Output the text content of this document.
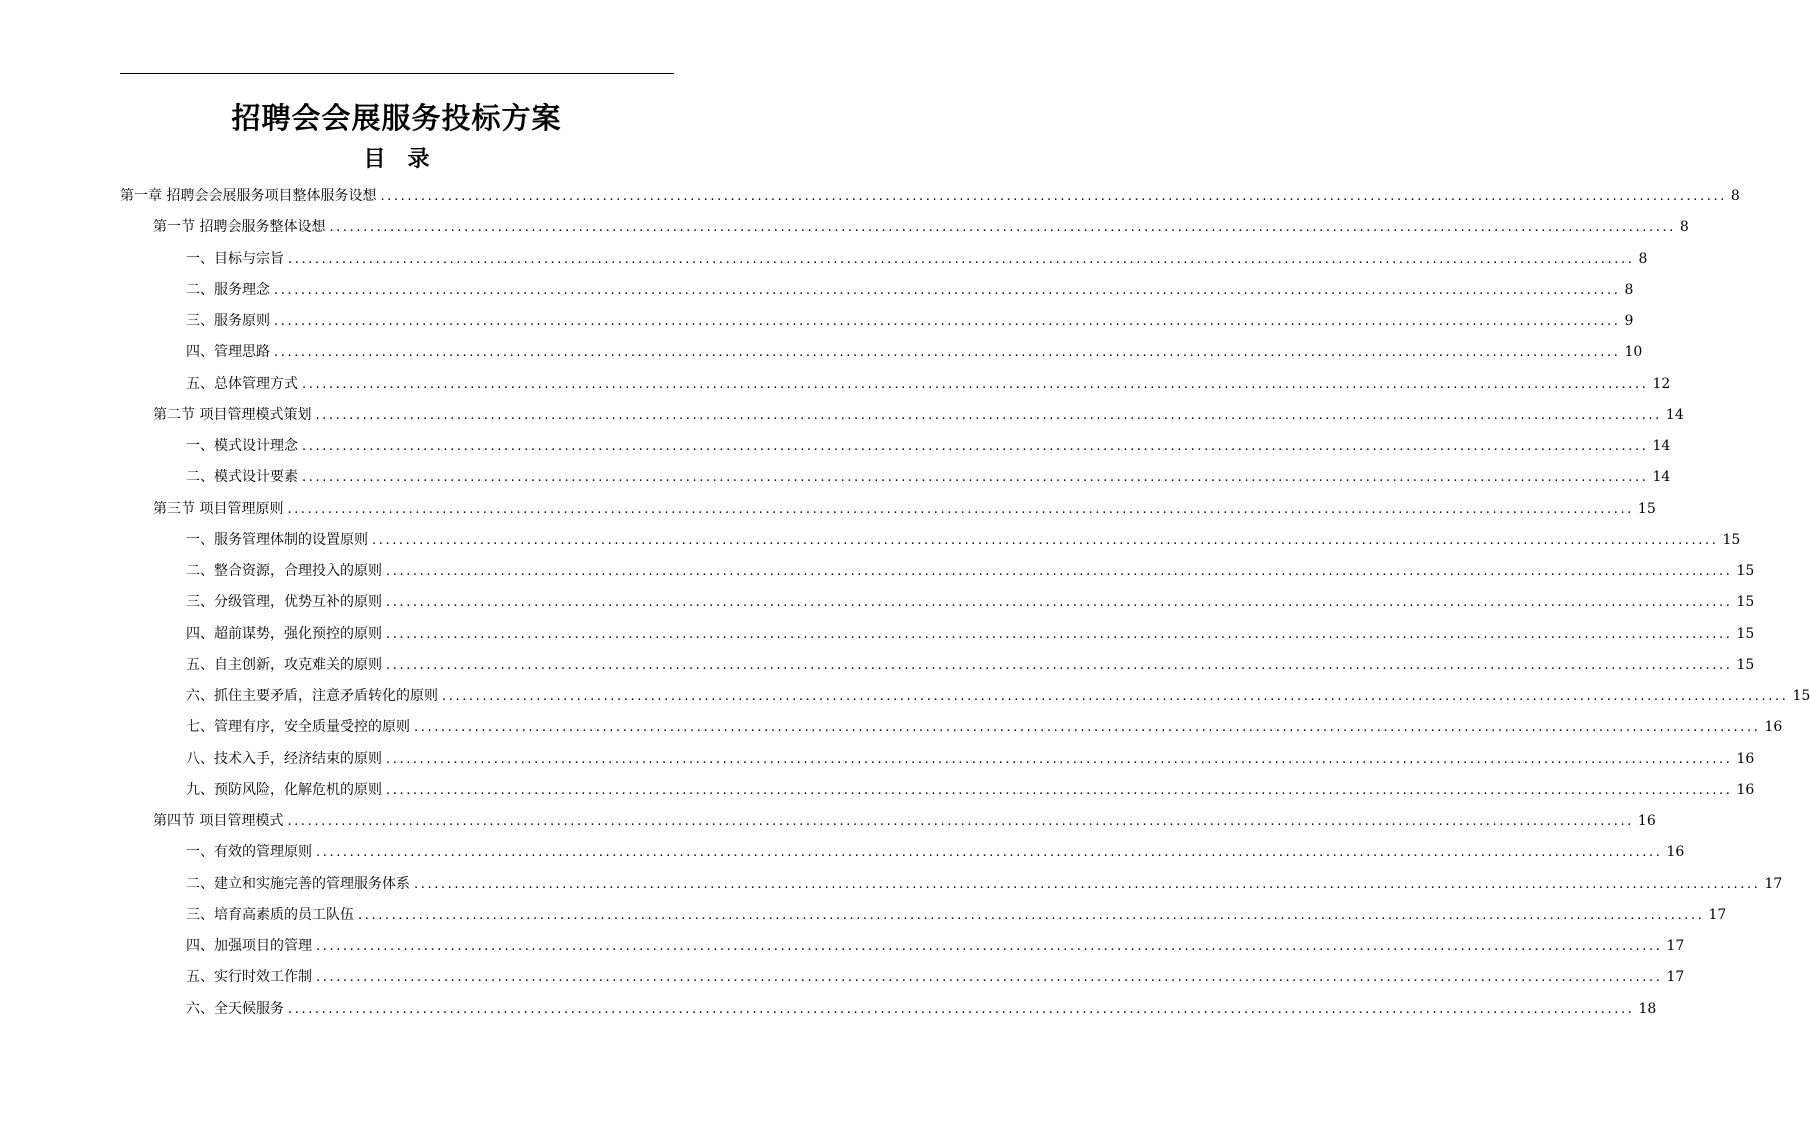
招聘会会展服务投标方案
目录
第一章 招聘会会展服务项目整体服务设想 ........................................................................................................................................................................................................ 8
第一节 招聘会服务整体设想 ........................................................................................................................................................................................................ 8
一、目标与宗旨 ........................................................................................................................................................................................................ 8
二、服务理念 ........................................................................................................................................................................................................ 8
三、服务原则 ........................................................................................................................................................................................................ 9
四、管理思路 ........................................................................................................................................................................................................ 10
五、总体管理方式 ........................................................................................................................................................................................................ 12
第二节 项目管理模式策划 ........................................................................................................................................................................................................ 14
一、模式设计理念 ........................................................................................................................................................................................................ 14
二、模式设计要素 ........................................................................................................................................................................................................ 14
第三节 项目管理原则 ........................................................................................................................................................................................................ 15
一、服务管理体制的设置原则 ........................................................................................................................................................................................................ 15
二、整合资源，合理投入的原则 ........................................................................................................................................................................................................ 15
三、分级管理，优势互补的原则 ........................................................................................................................................................................................................ 15
四、超前谋势，强化预控的原则 ........................................................................................................................................................................................................ 15
五、自主创新，攻克难关的原则 ........................................................................................................................................................................................................ 15
六、抓住主要矛盾，注意矛盾转化的原则 ........................................................................................................................................................................................................ 15
七、管理有序，安全质量受控的原则 ........................................................................................................................................................................................................ 16
八、技术入手，经济结束的原则 ........................................................................................................................................................................................................ 16
九、预防风险，化解危机的原则 ........................................................................................................................................................................................................ 16
第四节 项目管理模式 ........................................................................................................................................................................................................ 16
一、有效的管理原则 ........................................................................................................................................................................................................ 16
二、建立和实施完善的管理服务体系 ........................................................................................................................................................................................................ 17
三、培育高素质的员工队伍 ........................................................................................................................................................................................................ 17
四、加强项目的管理 ........................................................................................................................................................................................................ 17
五、实行时效工作制 ........................................................................................................................................................................................................ 17
六、全天候服务 ........................................................................................................................................................................................................ 18
